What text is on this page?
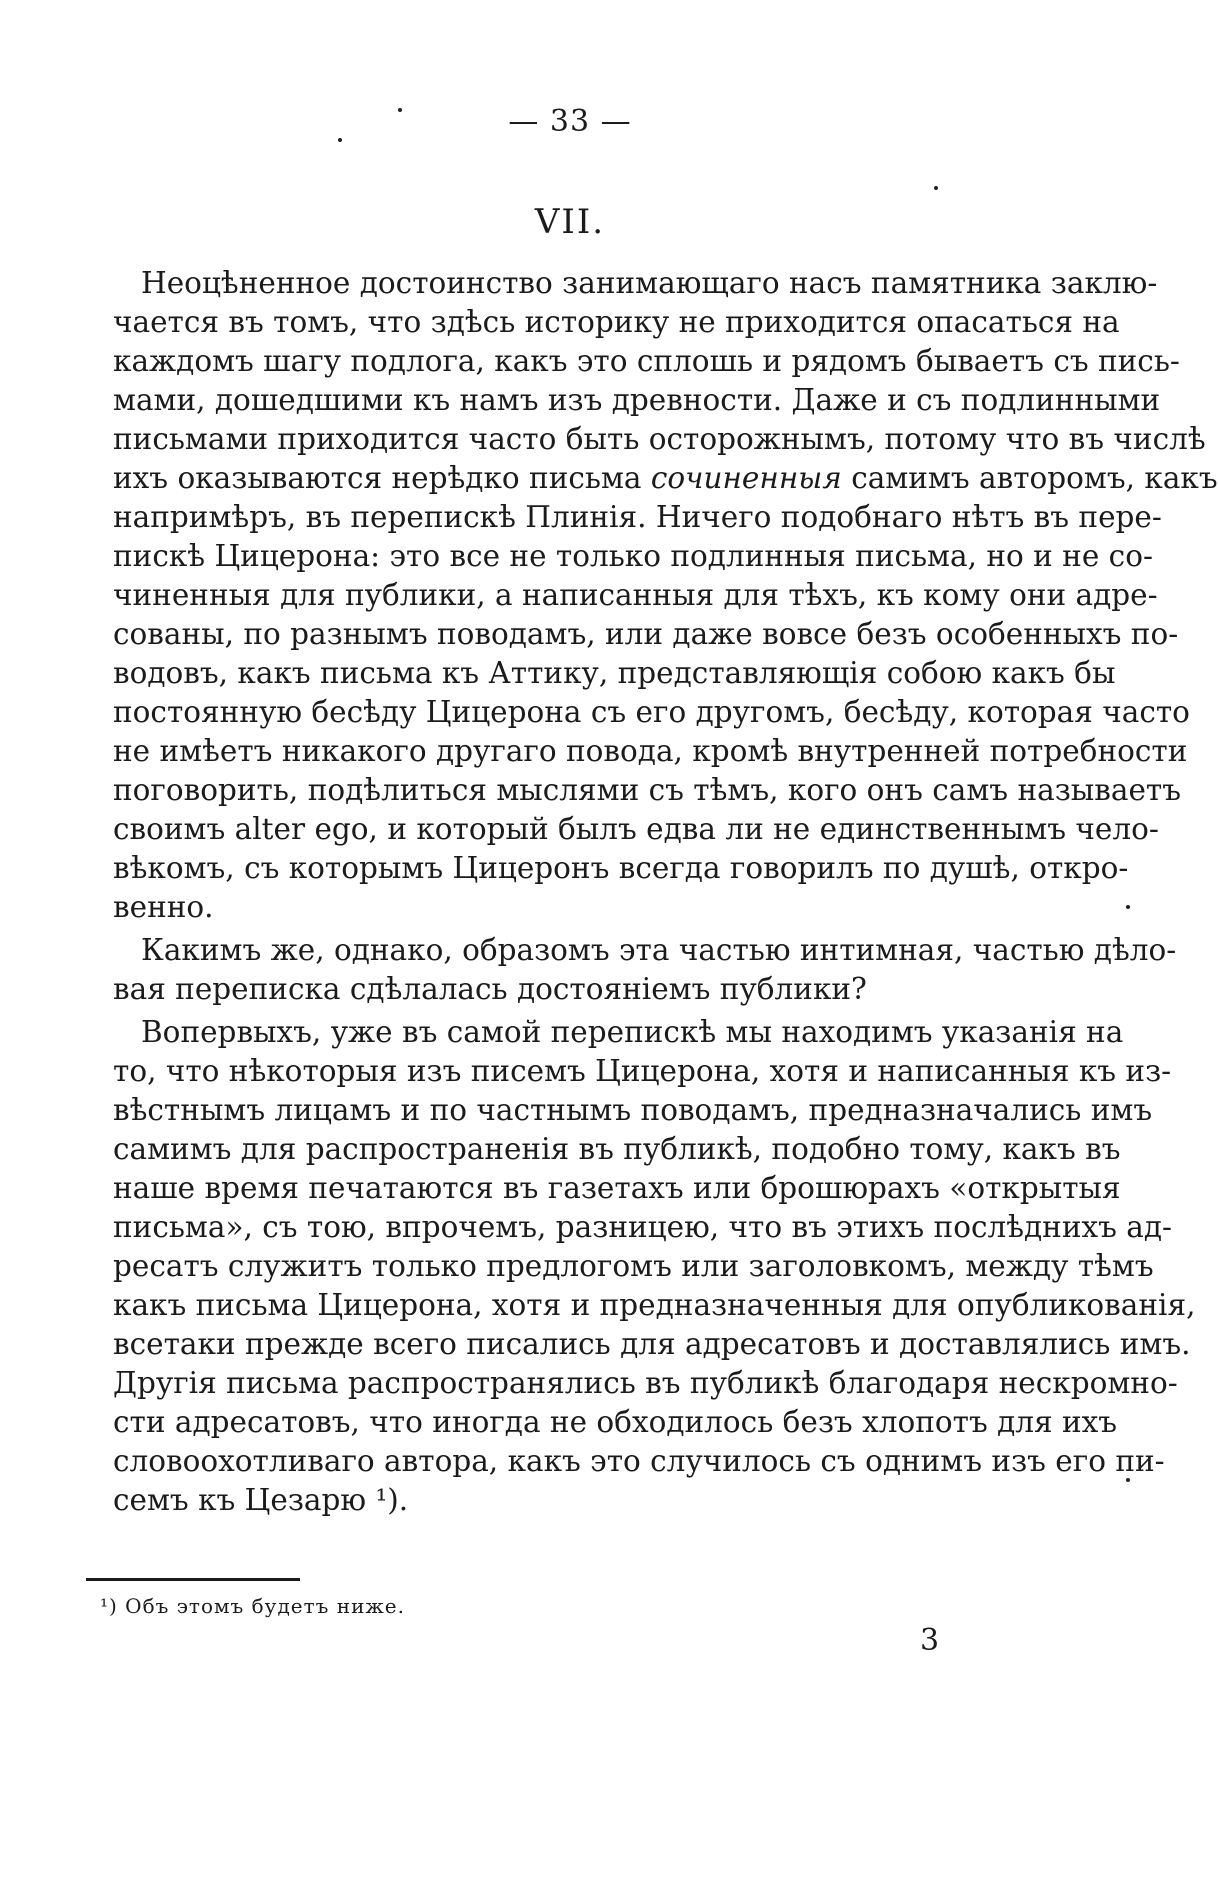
— 33 —
VII.
Неоцѣненное достоинство занимающаго насъ памятника заклю-
чается въ томъ, что здѣсь историку не приходится опасаться на
каждомъ шагу подлога, какъ это сплошь и рядомъ бываетъ съ пись-
мами, дошедшими къ намъ изъ древности. Даже и съ подлинными
письмами приходится часто быть осторожнымъ, потому что въ числѣ
ихъ оказываются нерѣдко письма сочиненныя самимъ авторомъ, какъ
напримѣръ, въ перепискѣ Плинія. Ничего подобнаго нѣтъ въ пере-
пискѣ Цицерона: это все не только подлинныя письма, но и не со-
чиненныя для публики, а написанныя для тѣхъ, къ кому они адре-
сованы, по разнымъ поводамъ, или даже вовсе безъ особенныхъ по-
водовъ, какъ письма къ Аттику, представляющія собою какъ бы
постоянную бесѣду Цицерона съ его другомъ, бесѣду, которая часто
не имѣетъ никакого другаго повода, кромѣ внутренней потребности
поговорить, подѣлиться мыслями съ тѣмъ, кого онъ самъ называетъ
своимъ alter ego, и который былъ едва ли не единственнымъ чело-
вѣкомъ, съ которымъ Цицеронъ всегда говорилъ по душѣ, откро-
венно.
Какимъ же, однако, образомъ эта частью интимная, частью дѣло-
вая переписка сдѣлалась достояніемъ публики?
Вопервыхъ, уже въ самой перепискѣ мы находимъ указанія на
то, что нѣкоторыя изъ писемъ Цицерона, хотя и написанныя къ из-
вѣстнымъ лицамъ и по частнымъ поводамъ, предназначались имъ
самимъ для распространенія въ публикѣ, подобно тому, какъ въ
наше время печатаются въ газетахъ или брошюрахъ «открытыя
письма», съ тою, впрочемъ, разницею, что въ этихъ послѣднихъ ад-
ресатъ служитъ только предлогомъ или заголовкомъ, между тѣмъ
какъ письма Цицерона, хотя и предназначенныя для опубликованія,
всетаки прежде всего писались для адресатовъ и доставлялись имъ.
Другія письма распространялись въ публикѣ благодаря нескромно-
сти адресатовъ, что иногда не обходилось безъ хлопотъ для ихъ
словоохотливаго автора, какъ это случилось съ однимъ изъ его пи-
семъ къ Цезарю ¹).
¹) Объ этомъ будетъ ниже.
3
